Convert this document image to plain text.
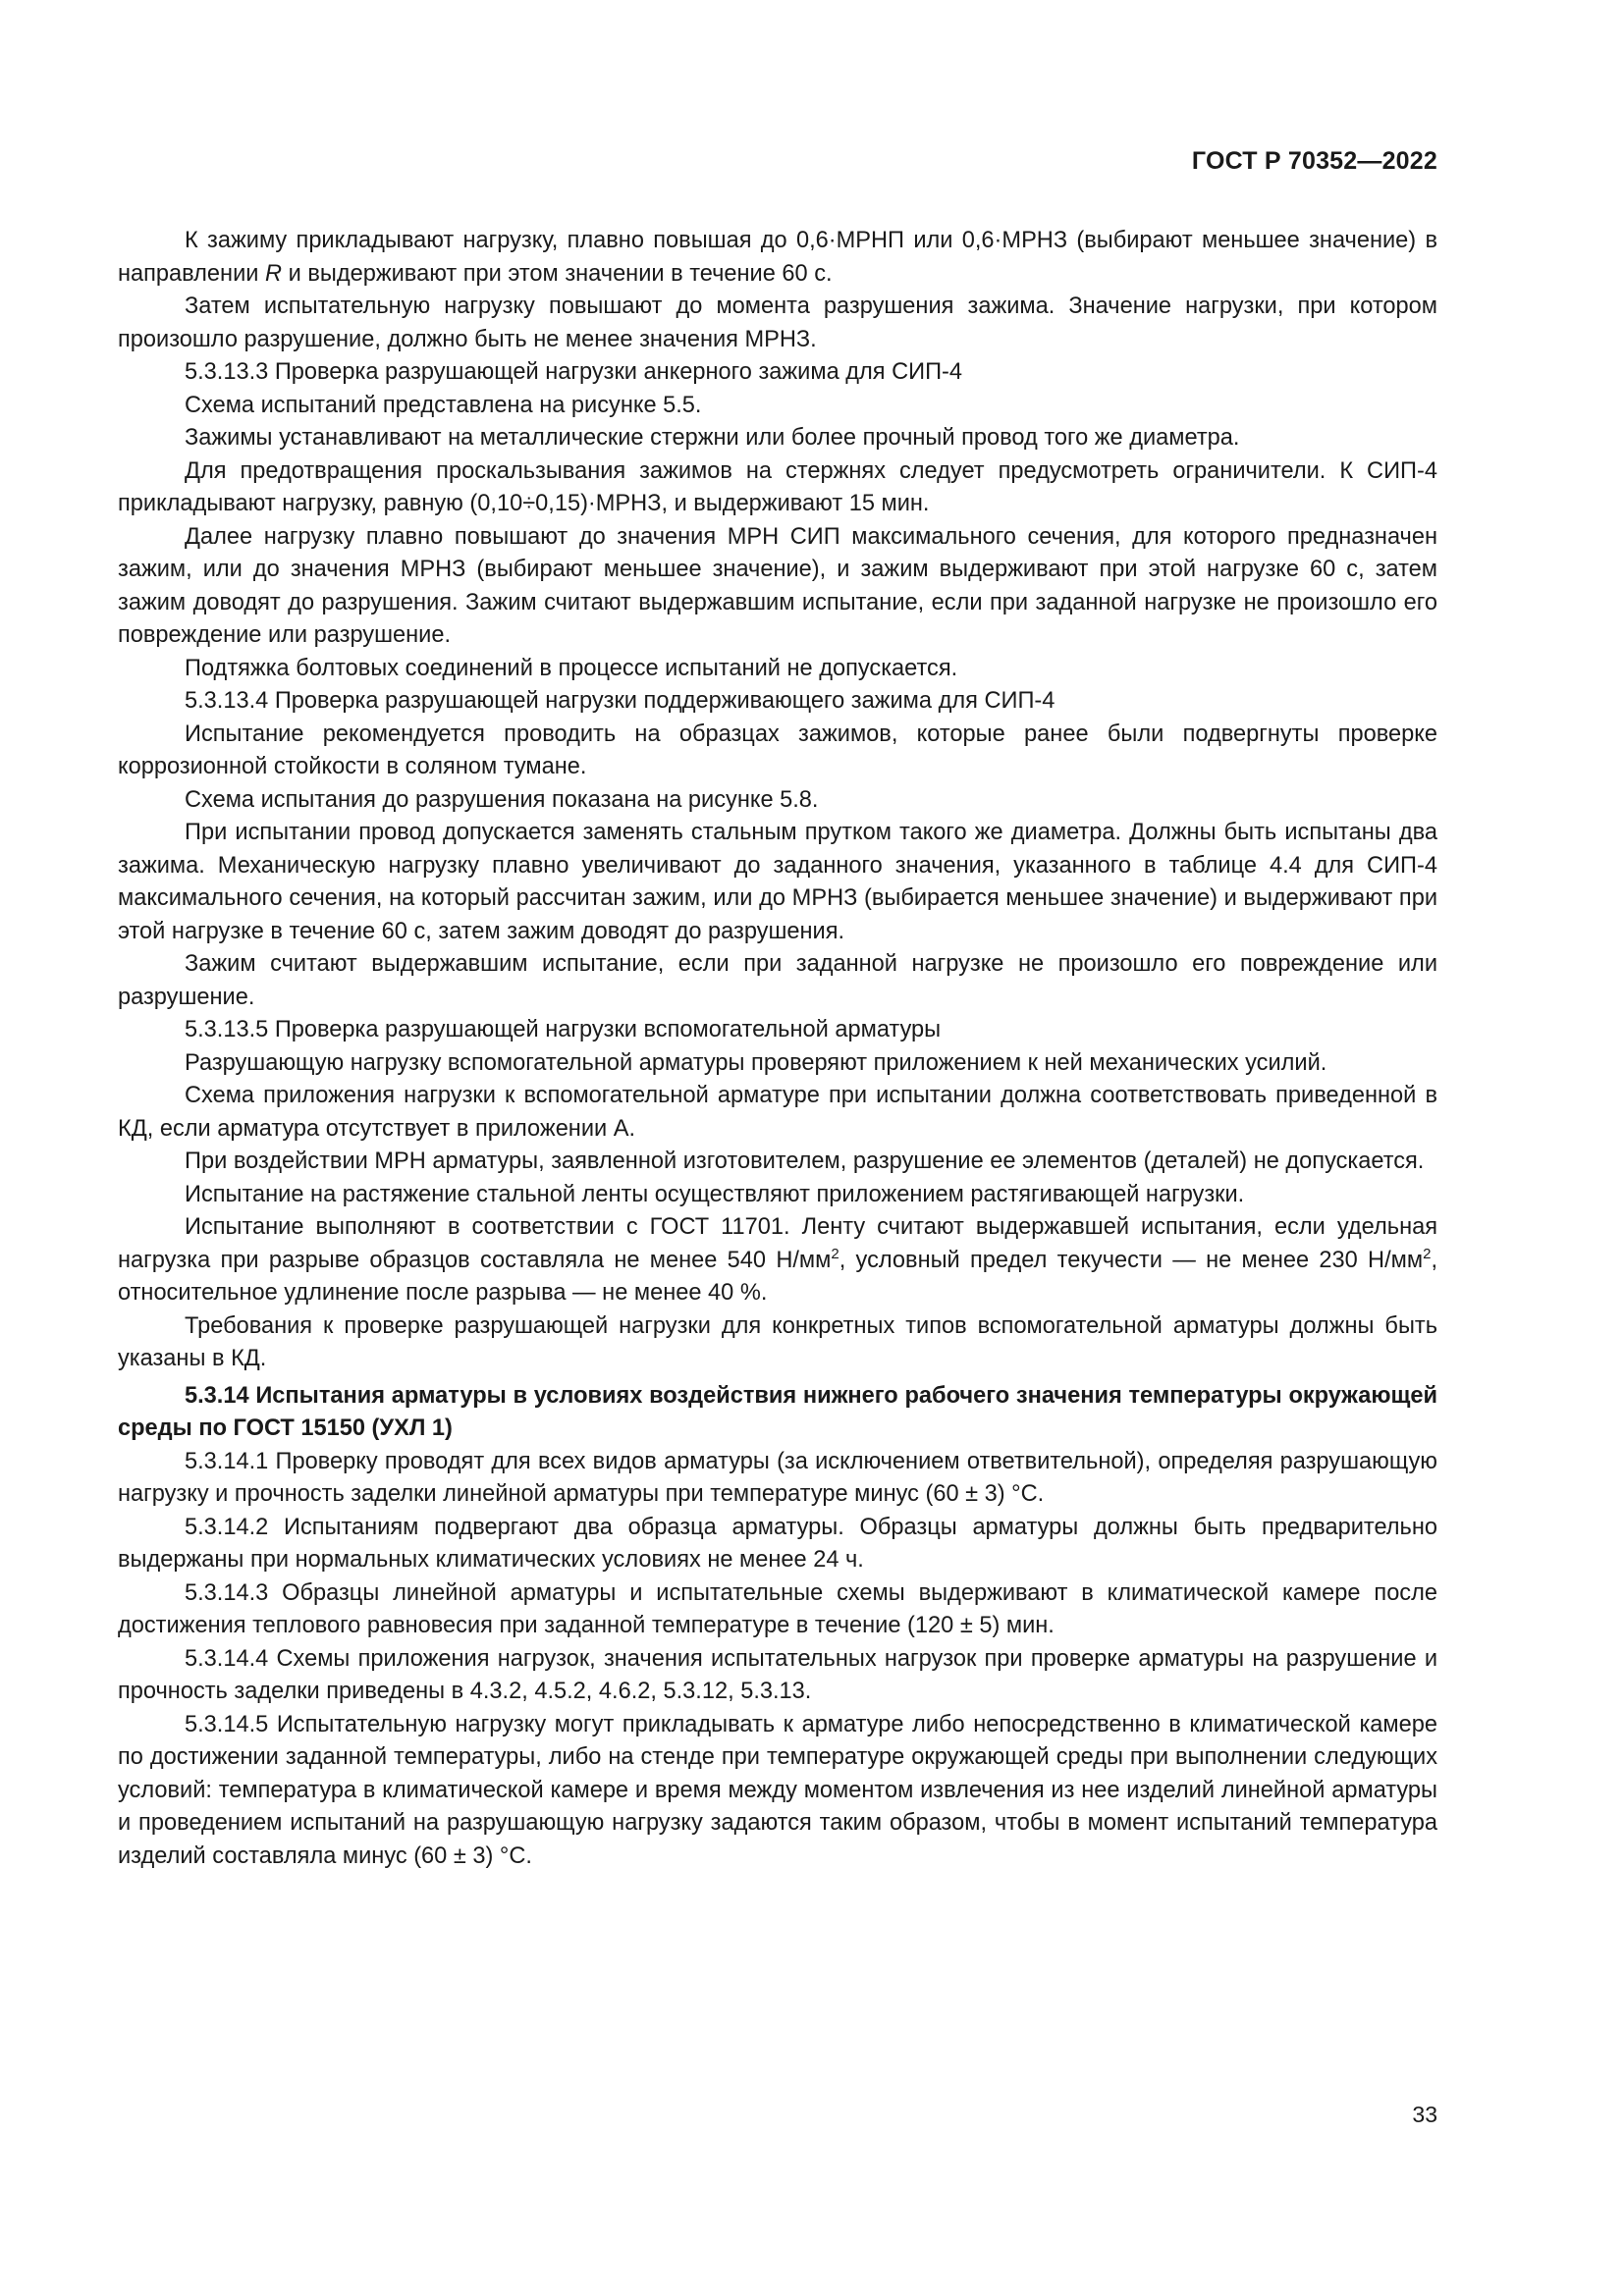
ГОСТ Р 70352—2022

К зажиму прикладывают нагрузку, плавно повышая до 0,6·МРНП или 0,6·МРНЗ (выбирают меньшее значение) в направлении R и выдерживают при этом значении в течение 60 с.

Затем испытательную нагрузку повышают до момента разрушения зажима. Значение нагрузки, при котором произошло разрушение, должно быть не менее значения МРНЗ.

5.3.13.3 Проверка разрушающей нагрузки анкерного зажима для СИП-4

Схема испытаний представлена на рисунке 5.5.

Зажимы устанавливают на металлические стержни или более прочный провод того же диаметра.

Для предотвращения проскальзывания зажимов на стержнях следует предусмотреть ограничители. К СИП-4 прикладывают нагрузку, равную (0,10÷0,15)·МРНЗ, и выдерживают 15 мин.

Далее нагрузку плавно повышают до значения МРН СИП максимального сечения, для которого предназначен зажим, или до значения МРНЗ (выбирают меньшее значение), и зажим выдерживают при этой нагрузке 60 с, затем зажим доводят до разрушения. Зажим считают выдержавшим испытание, если при заданной нагрузке не произошло его повреждение или разрушение.

Подтяжка болтовых соединений в процессе испытаний не допускается.

5.3.13.4 Проверка разрушающей нагрузки поддерживающего зажима для СИП-4

Испытание рекомендуется проводить на образцах зажимов, которые ранее были подвергнуты проверке коррозионной стойкости в соляном тумане.

Схема испытания до разрушения показана на рисунке 5.8.

При испытании провод допускается заменять стальным прутком такого же диаметра. Должны быть испытаны два зажима. Механическую нагрузку плавно увеличивают до заданного значения, указанного в таблице 4.4 для СИП-4 максимального сечения, на который рассчитан зажим, или до МРНЗ (выбирается меньшее значение) и выдерживают при этой нагрузке в течение 60 с, затем зажим доводят до разрушения.

Зажим считают выдержавшим испытание, если при заданной нагрузке не произошло его повреждение или разрушение.

5.3.13.5 Проверка разрушающей нагрузки вспомогательной арматуры

Разрушающую нагрузку вспомогательной арматуры проверяют приложением к ней механических усилий.

Схема приложения нагрузки к вспомогательной арматуре при испытании должна соответствовать приведенной в КД, если арматура отсутствует в приложении А.

При воздействии МРН арматуры, заявленной изготовителем, разрушение ее элементов (деталей) не допускается.

Испытание на растяжение стальной ленты осуществляют приложением растягивающей нагрузки.

Испытание выполняют в соответствии с ГОСТ 11701. Ленту считают выдержавшей испытания, если удельная нагрузка при разрыве образцов составляла не менее 540 $Н/мм^2$, условный предел текучести — не менее 230 $Н/мм^2$, относительное удлинение после разрыва — не менее 40 %.

Требования к проверке разрушающей нагрузки для конкретных типов вспомогательной арматуры должны быть указаны в КД.

5.3.14 Испытания арматуры в условиях воздействия нижнего рабочего значения температуры окружающей среды по ГОСТ 15150 (УХЛ 1)

5.3.14.1 Проверку проводят для всех видов арматуры (за исключением ответвительной), определяя разрушающую нагрузку и прочность заделки линейной арматуры при температуре минус (60 ± 3) °С.

5.3.14.2 Испытаниям подвергают два образца арматуры. Образцы арматуры должны быть предварительно выдержаны при нормальных климатических условиях не менее 24 ч.

5.3.14.3 Образцы линейной арматуры и испытательные схемы выдерживают в климатической камере после достижения теплового равновесия при заданной температуре в течение (120 ± 5) мин.

5.3.14.4 Схемы приложения нагрузок, значения испытательных нагрузок при проверке арматуры на разрушение и прочность заделки приведены в 4.3.2, 4.5.2, 4.6.2, 5.3.12, 5.3.13.

5.3.14.5 Испытательную нагрузку могут прикладывать к арматуре либо непосредственно в климатической камере по достижении заданной температуры, либо на стенде при температуре окружающей среды при выполнении следующих условий: температура в климатической камере и время между моментом извлечения из нее изделий линейной арматуры и проведением испытаний на разрушающую нагрузку задаются таким образом, чтобы в момент испытаний температура изделий составляла минус (60 ± 3) °С.

33
